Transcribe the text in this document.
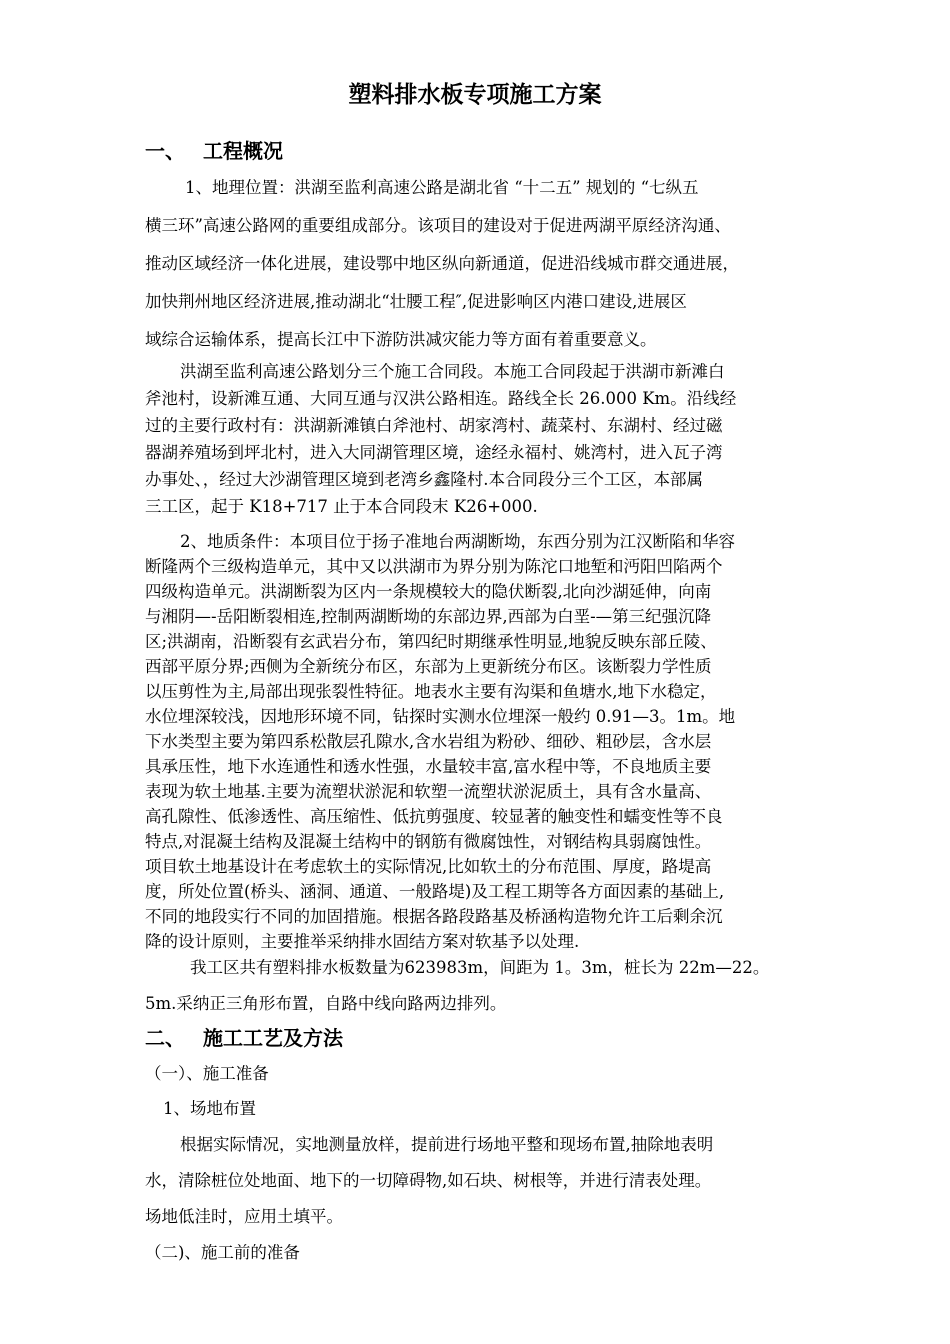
塑料排水板专项施工方案
一、 工程概况
1、地理位置：洪湖至监利高速公路是湖北省 “十二五” 规划的 “七纵五
横三环”高速公路网的重要组成部分。该项目的建设对于促进两湖平原经济沟通、
推动区域经济一体化进展，建设鄂中地区纵向新通道，促进沿线城市群交通进展，
加快荆州地区经济进展,推动湖北“壮腰工程″,促进影响区内港口建设,进展区
域综合运输体系，提高长江中下游防洪减灾能力等方面有着重要意义。
洪湖至监利高速公路划分三个施工合同段。本施工合同段起于洪湖市新滩白
斧池村，设新滩互通、大同互通与汉洪公路相连。路线全长 26.000 Km。沿线经
过的主要行政村有：洪湖新滩镇白斧池村、胡家湾村、蔬菜村、东湖村、经过磁
器湖养殖场到坪北村，进入大同湖管理区境，途经永福村、姚湾村，进入瓦子湾
办事处、，经过大沙湖管理区境到老湾乡鑫隆村.本合同段分三个工区，本部属
三工区，起于 K18+717 止于本合同段末 K26+000.
2、地质条件：本项目位于扬子准地台两湖断坳，东西分别为江汉断陷和华容
断隆两个三级构造单元，其中又以洪湖市为界分别为陈沱口地堑和沔阳凹陷两个
四级构造单元。洪湖断裂为区内一条规模较大的隐伏断裂,北向沙湖延伸，向南
与湘阴—-岳阳断裂相连,控制两湖断坳的东部边界,西部为白垩-—第三纪强沉降
区;洪湖南，沿断裂有玄武岩分布，第四纪时期继承性明显,地貌反映东部丘陵、
西部平原分界;西侧为全新统分布区，东部为上更新统分布区。该断裂力学性质
以压剪性为主,局部出现张裂性特征。地表水主要有沟渠和鱼塘水,地下水稳定，
水位埋深较浅，因地形环境不同，钻探时实测水位埋深一般约 0.91—3。1m。地
下水类型主要为第四系松散层孔隙水,含水岩组为粉砂、细砂、粗砂层，含水层
具承压性，地下水连通性和透水性强，水量较丰富,富水程中等，不良地质主要
表现为软土地基.主要为流塑状淤泥和软塑一流塑状淤泥质土，具有含水量高、
高孔隙性、低渗透性、高压缩性、低抗剪强度、较显著的触变性和蠕变性等不良
特点,对混凝土结构及混凝土结构中的钢筋有微腐蚀性，对钢结构具弱腐蚀性。
项目软土地基设计在考虑软土的实际情况,比如软土的分布范围、厚度，路堤高
度，所处位置(桥头、涵洞、通道、一般路堤)及工程工期等各方面因素的基础上,
不同的地段实行不同的加固措施。根据各路段路基及桥涵构造物允许工后剩余沉
降的设计原则，主要推举采纳排水固结方案对软基予以处理.
我工区共有塑料排水板数量为623983m，间距为 1。3m，桩长为 22m—22。
5m.采纳正三角形布置，自路中线向路两边排列。
二、 施工工艺及方法
（一）、施工准备
1、场地布置
根据实际情况，实地测量放样，提前进行场地平整和现场布置,抽除地表明
水，清除桩位处地面、地下的一切障碍物,如石块、树根等，并进行清表处理。
场地低洼时，应用土填平。
（二)、施工前的准备
